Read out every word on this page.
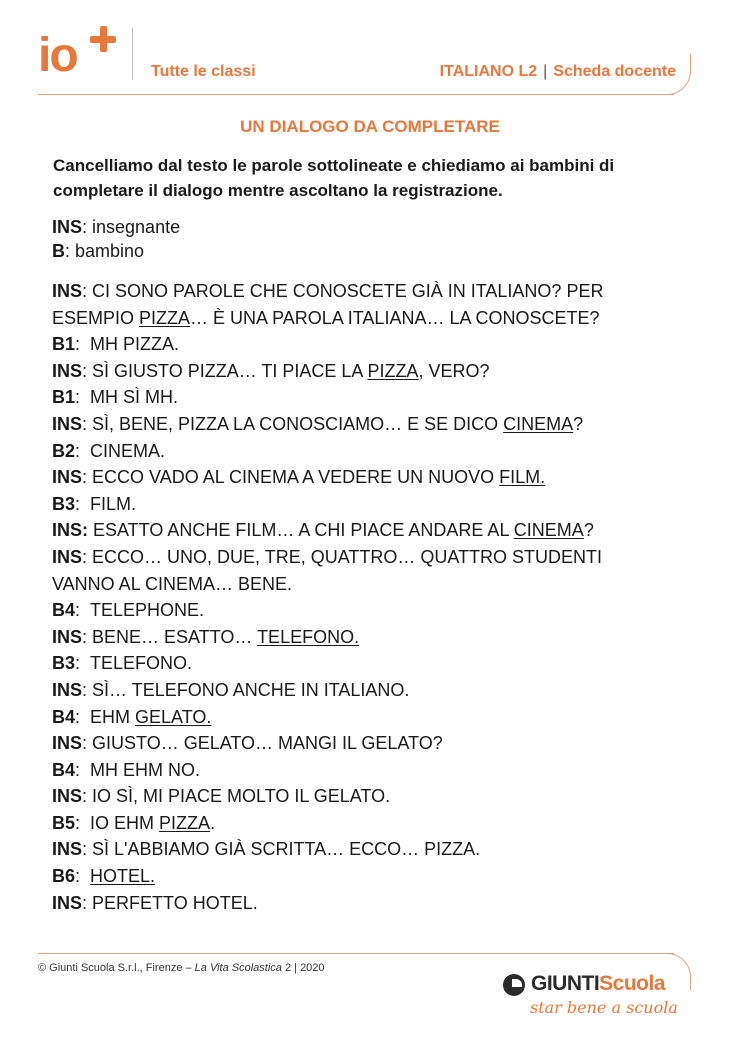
io	Tutte le classi	ITALIANO L2 | Scheda docente
UN DIALOGO DA COMPLETARE
Cancelliamo dal testo le parole sottolineate e chiediamo ai bambini di completare il dialogo mentre ascoltano la registrazione.
INS: insegnante
B: bambino
INS: CI SONO PAROLE CHE CONOSCETE GIÀ IN ITALIANO? PER
ESEMPIO PIZZA… È UNA PAROLA ITALIANA… LA CONOSCETE?
B1: MH PIZZA.
INS: SÌ GIUSTO PIZZA… TI PIACE LA PIZZA, VERO?
B1: MH SÌ MH.
INS: SÌ, BENE, PIZZA LA CONOSCIAMO… E SE DICO CINEMA?
B2: CINEMA.
INS: ECCO VADO AL CINEMA A VEDERE UN NUOVO FILM.
B3: FILM.
INS: ESATTO ANCHE FILM… A CHI PIACE ANDARE AL CINEMA?
INS: ECCO… UNO, DUE, TRE, QUATTRO… QUATTRO STUDENTI
VANNO AL CINEMA… BENE.
B4: TELEPHONE.
INS: BENE… ESATTO… TELEFONO.
B3: TELEFONO.
INS: SÌ… TELEFONO ANCHE IN ITALIANO.
B4: EHM GELATO.
INS: GIUSTO… GELATO… MANGI IL GELATO?
B4: MH EHM NO.
INS: IO SÌ, MI PIACE MOLTO IL GELATO.
B5: IO EHM PIZZA.
INS: SÌ L'ABBIAMO GIÀ SCRITTA… ECCO… PIZZA.
B6: HOTEL.
INS: PERFETTO HOTEL.
© Giunti Scuola S.r.l., Firenze – La Vita Scolastica 2 | 2020
GIUNTIScuola
star bene a scuola
